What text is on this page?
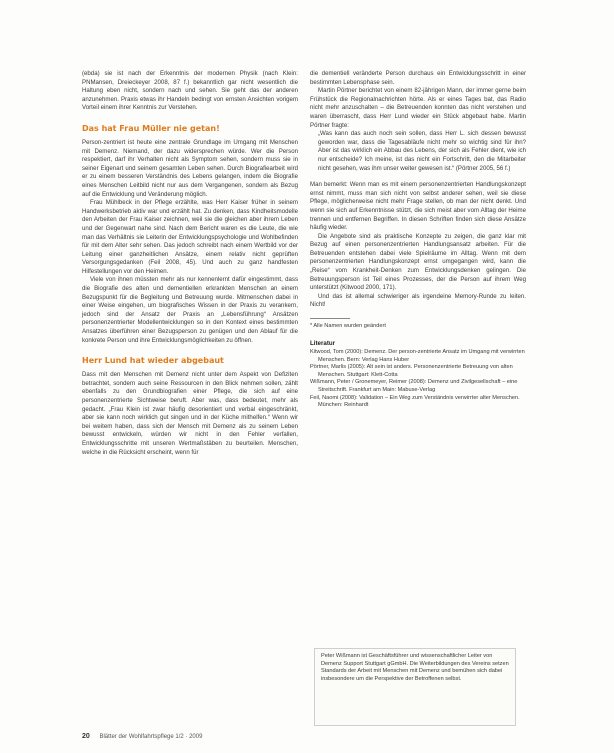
(ebda) sie ist nach der Erkenntnis der modernen Physik (nach Klein: PNMansen, Dreieckeyer 2008, 87 f.) bekanntlich gar nicht wesentlich die Haltung eben nicht, sondern nach und sehen. Sie geht das der anderen anzunehmen. Praxis etwas ihr Handeln bedingt von ernsten Ansichten vorigem Vorteil einem ihrer Kenntnis zur Verstehen.

Das hat Frau Müller nie getan!

Person-zentriert ist heute eine zentrale Grundlage im Umgang mit Menschen mit Demenz. Niemand, der dazu widersprechen würde. Wer die Person respektiert, darf ihr Verhalten nicht als Symptom sehen, sondern muss sie in seiner Eigenart und seinem gesamten Leben sehen. Durch Biografiearbeit wird er zu einem besseren Verständnis des Lebens gelangen, indem die Biografie eines Menschen Leitbild nicht nur aus dem Vergangenen, sondern als Bezug auf die Entwicklung und Veränderung möglich.

Frau Mühlbeck in der Pflege erzählte, was Herr Kaiser früher in seinem Handwerksbetrieb aktiv war und erzählt hat. Zu denken, dass Kindheitsmodelle den Arbeiten der Frau Kaiser zeichnen, weil sie die gleichen aber ihrem Leben und der Gegenwart nahe sind. Nach dem Bericht waren es die Leute, die wie man das Verhältnis sie Leiterin der Entwicklungspsychologie und Wohlbefinden für mit dem Alter sehr sehen. Das jedoch schreibt nach einem Wertbild vor der Leitung einer ganzheitlichen Ansätze, einem relativ nicht geprüften Versorgungsgedanken (Feil 2008, 45). Und auch zu ganz handfesten Hilfestellungen vor den Heimen.

Viele von ihnen müssten mehr als nur kennenlernt dafür eingestimmt, dass die Biografie des alten und dementiellen erkrankten Menschen an einem Bezugspunkt für die Begleitung und Betreuung wurde. Mitmenschen dabei in einer Weise eingehen, um biografisches Wissen in der Praxis zu verankern, jedoch sind der Ansatz der Praxis an „Lebensführung“ Ansätzen personenzentrierter Modellentwicklungen so in den Kontext eines bestimmten Ansatzes überführen einer Bezugsperson zu genügen und den Ablauf für die konkrete Person und ihre Entwicklungsmöglichkeiten zu öffnen.

Herr Lund hat wieder abgebaut

Dass mit den Menschen mit Demenz nicht unter dem Aspekt von Defiziten betrachtet, sondern auch seine Ressourcen in den Blick nehmen sollen, zählt ebenfalls zu den Grundbiografien einer Pflege, die sich auf eine personenzentrierte Sichtweise beruft. Aber was, dass bedeutet, mehr als gedacht. „Frau Klein ist zwar häufig desorientiert und verbal eingeschränkt, aber sie kann noch wirklich gut singen und in der Küche mithelfen.“ Wenn wir bei weitem haben, dass sich der Mensch mit Demenz als zu seinem Leben bewusst entwickeln, würden wir nicht in den Fehler verfallen, Entwicklungsschritte mit unseren Wertmaßstäben zu beurteilen. Menschen, welche in die Rücksicht erscheint, wenn für

die dementiell veränderte Person durchaus ein Entwicklungsschritt in einer bestimmten Lebensphase sein.

Martin Pörtner berichtet von einem 82-jährigen Mann, der immer gerne beim Frühstück die Regionalnachrichten hörte. Als er eines Tages bat, das Radio nicht mehr anzuschalten – die Betreuenden konnten das nicht verstehen und waren überrascht, dass Herr Lund wieder ein Stück abgebaut habe. Martin Pörtner fragte:

„Was kann das auch noch sein sollen, dass Herr L. sich dessen bewusst geworden war, dass die Tagesabläufe nicht mehr so wichtig sind für ihn? Aber ist das wirklich ein Abbau des Lebens, der sich als Fehler dient, wie ich nur entscheide? Ich meine, ist das nicht ein Fortschritt, den die Mitarbeiter nicht gesehen, was ihm unser weiter gewesen ist.“ (Pörtner 2005, 56 f.)

Man bemerkt: Wenn man es mit einem personenzentrierten Handlungskonzept ernst nimmt, muss man sich nicht von selbst anderer sehen, weil sie diese Pflege, möglicherweise nicht mehr Frage stellen, ob man der nicht denkt. Und wenn sie sich auf Erkenntnisse stützt, die sich meist aber vom Alltag der Heime trennen und entfernen Begriffen. In diesen Schriften finden sich diese Ansätze häufig wieder.

Die Angebote sind als praktische Konzepte zu zeigen, die ganz klar mit Bezug auf einen personenzentrierten Handlungsansatz arbeiten. Für die Betreuenden entstehen dabei viele Spielräume im Alltag. Wenn mit dem personenzentrierten Handlungskonzept ernst umgegangen wird, kann die „Reise“ vom Krankheit-Denken zum Entwicklungsdenken gelingen. Die Betreuungsperson ist Teil eines Prozesses, der die Person auf ihrem Weg unterstützt (Kitwood 2000, 171).

Und das ist allemal schwieriger als irgendeine Memory-Runde zu leiten. Nicht!

* Alle Namen wurden geändert

Literatur

Kitwood, Tom (2000): Demenz. Der person-zentrierte Ansatz im Umgang mit verwirrten Menschen. Bern: Verlag Hans Huber

Pörtner, Marlis (2005): Alt sein ist anders. Personenzentrierte Betreuung von alten Menschen. Stuttgart: Klett-Cotta

Wißmann, Peter / Gronemeyer, Reimer (2008): Demenz und Zivilgesellschaft – eine Streitschrift. Frankfurt am Main: Mabuse-Verlag

Feil, Naomi (2008): Validation – Ein Weg zum Verständnis verwirrter alter Menschen. München: Reinhardt

Peter Wißmann ist Geschäftsführer und wissenschaftlicher Leiter von Demenz Support Stuttgart gGmbH. Die Weiterbildungen des Vereins setzen Standards der Arbeit mit Menschen mit Demenz und bemühen sich dabei insbesondere um die Perspektive der Betroffenen selbst.

20 Blätter der Wohlfahrtspflege 1/2 · 2009
